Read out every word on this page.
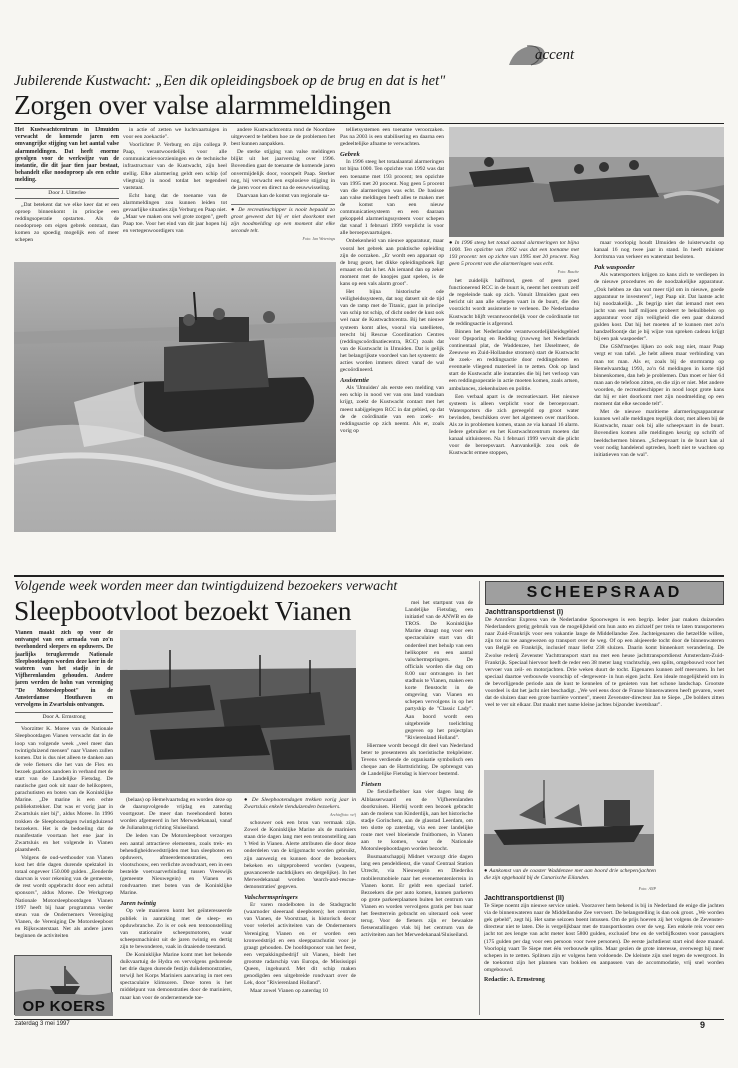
accent
Jubilerende Kustwacht: „Een dik opleidingsboek op de brug en dat is het"
Zorgen over valse alarmmeldingen
Het Kustwachtcentrum in IJmuiden verwacht de komende jaren een omvangrijke stijging van het aantal valse alarmmeldingen. Dat heeft enorme gevolgen voor de werkwijze van de instantie, die dit jaar tien jaar bestaat, behandelt elke noodoproep als een echte melding.
Door J. Uitterlee

„Dat betekent dat we elke keer dat er een oproep binnenkomt in principe een reddingsoperatie opstarten. Als de noodoproep om eigen gebrek ontstaat, dan komen zo spoedig mogelijk een of meer schepen

in actie of zetten we luchtvaartuigen in voor een zoekactie".

Voorlichter P. Verburg en zijn collega P. Paap, verantwoordelijk voor alle communicatievoorzieningen en de technische infrastructuur van de Kustwacht, zijn heel stellig. Elke alarmering geldt een schip (of vliegtuig) in nood totdat het tegendeel vaststaat.

Echt bang dat de toename van de alarmmeldingen zou kunnen leiden tot gevaarlijke situaties zijn Verburg en Paap niet. „Maar we maken ons wel grote zorgen", geeft Paap toe. Voor het eind van dit jaar hopen hij en vertegenwoordigers van

andere Kustwachtcentra rond de Noordzee uitgevoerd te hebben hoe ze de problemen het best kunnen aanpakken.

De sterke stijging van valse meldingen blijkt uit het jaarverslag over 1996. Bovendien gaat de toename de komende jaren onvermijdelijk door, voorspelt Paap. Sterker nog, hij verwacht een explosieve stijging in de jaren voor en direct na de eeuwwisseling.

Daarvaan kan de komst van regionale sa-

● De recreatieschipper is nooit bepaald zo groot geweest dat hij er niet doorkomt met zijn noodmelding op een moment dat elke seconde telt.
Foto: Jan Weterings

tellietsystemen een toename veroorzaken. Pas na 2003 is een stabilisering en daarna een gedeeltelijke afname te verwachten.

Gebrek

In 1996 steeg het totaalaantal alarmeringen tot bijna 1000. Ten opzichte van 1992 was dat een toename met 193 procent; ten opzichte van 1995 met 20 procent. Nog geen 5 procent van die alarmeringen was echt. De basisoe aan valse meldingen heeft alles te maken met de komst van een nieuw communicatiesysteem en een daaraan gekoppeld alarmeringssysteem voor schepen dat vanaf 1 februari 1999 verplicht is voor alle beroepsvaartuigen.

Onbekenheid van nieuwe apparatuur, maar vooral het gebrek aan praktische opleiding zijn de oorzaken. „Er wordt een apparaat op de brug gezet, het dikke opleidingsboek ligt ernaast en dat is het. Als iemand dan op zeker moment met de knopjes gaat spelen, is de kans op een vals alarm groot".

Het bijna historische ode veiligheidssysteem, dat nog datsert uit de tijd van de ramp met de Titanic, gaat in principe van schip tot schip, of dicht onder de kust ook wel naar de Kustwachtcentra. Bij het nieuwe systeem komt alles, vooral via satellieten, terecht bij Rescue Coordination Centres (reddingscoördinatiecentra, RCC) zoals dat van de Kustwacht in IJmuiden. Dat is gelijk het belangrijkste voordeel van het systeem: de acties worden immers direct vanaf de wal gecoördineerd.

Assistentie

Als 'IJmuiden' als eerste een melding van een schip in nood ver van ons land vandaan krijgt, zoekt de Kustwacht contact met het meest nabijgelegen RCC in dat gebied, op dat de de coördinatie van een zoek- en reddingsactie op zich neemt. Als er, zoals vorig op

● In 1996 steeg het totaal aantal alarmeringen tot bijna 1000. Ten opzichte van 1992 was dat een toename met 193 procent: ten op zichte van 1995 met 20 procent. Nog geen 5 procent van die alarmeringen was echt.
Foto: Busche

het zuidelijk halfrond, geen of geen goed functionerend RCC in de buurt is, neemt het centrum zelf de regeleinde taak op zich. Vanuit IJmuiden gaat een bericht uit aan alle schepen vaart in de buurt, die den voorzicht wordt assistentie te verlenen. De Nederlandse Kustwacht blijft verantwoordelijk voor de coördinatie tot de reddingsactie is afgerond.

Binnen het Nederlandse verantwoordelijkheidsgebied voor Opsporing en Redding (ruwweg het Nederlands continentaal plat, de Waddenzee, het IJsselmeer, de Zeeuwse en Zuid-Hollandse stromen) start de Kustwacht de zoek- en reddingsactie door reddingsboten en eventuele vliegend materieel in te zetten. Ook op land start de Kustwacht alle instanties die bij het verloop van een reddingsoperatie in actie moeten komen, zoals artsen, ambulances, ziekenhuizen en politie.

Een verbaal apart is de recreatievaart. Het nieuwe systeem is alleen verplicht voor de beroepsvaart. Watersporters die zich gereegeld op groot water bevinden, beschikken over het algemeen over marifoon. Als ze in problemen komen, staan ze via kanaal 16 alarm. Iedere gebruiker en het Kustwachtcentrum moeten dat kanaal uitluisteren. Na 1 februari 1999 vervalt die plicht voor de beroepsvaart. Aanvankelijk zou ook de Kustwacht ermee stoppen,

maar voorlopig houdt IJmuiden de luisterwacht op kanaal 16 nog twee jaar in stand. In heeft minister Jorritsma van verkeer en waterstaat besloten.

Pak waspoeder

Als watersporters krijgen zo kans zich te verdiepen in de nieuwe procedures en de noodzakelijke apparatuur. „Ook hebben ze dan wat meer tijd om in nieuwe, goede apparatuur te investeren", legt Paap uit. Dat laatste acht hij noodzakelijk. „Ik begrijp niet dat iemand met een jacht van een half miljoen probeert te bekuibbelen op apparatuur voor zijn veiligheid die een paar duizend gulden kost. Dat hij het moeten af te kunnen met zo'n handzelfoontje dat je bij wijze van spreken cadeau krijgt bij een pak waspoeder".

Die GSM'metjes lijken zo ook nog niet, maar Paap vergt er van tafel. „Je hebt alleen maar verbinding van man tot man. Als er, zoals bij de stormramp op Hemelvaartdag 1993, zo'n 64 meldingen in korte tijd binnenkomen, dan heb je problemen. Dan moet er hier 64 man aan de telefoon zitten, en die zijn er niet. Met andere woorden, de recreatieschipper in nood loopt grote kans dat hij er niet doorkomt met zijn noodmelding op een moment dat elke seconde telt".

Met de nieuwe maritieme alarmeringsapparatuur kunnen wel alle meldingen tegelijk door, met alleen bij de Kustwacht, maar ook bij alle scheepvaart in de buurt. Bovendien komen alle meldingen keurig op schrift of beeldschermen binnen. „Scheepvaart in de buurt kan al voor nodig handelend optreden, hoeft niet te wachten op initiatieven van de wal".

Volgende week worden meer dan twintigduizend bezoekers verwacht
Sleepbootvloot bezoekt Vianen
Vianen maakt zich op voor de ontvangst van een armada van zo'n tweehonderd sleepers en opduwers. De jaarlijks terugkerende Nationale Sleepbootdagen worden deze keer in de wateren van het stadje in de Vijfherenlanden gehouden. Andere jaren werden de hohn van vereniging "De Motorsleepboot" in de Amsterdamse Houthaven en vervolgens in Zwartsluis ontvangen.
Door A. Ermstrong

Voorzitter K. Moree van de Nationale Sleepbootdagen Vianen verwacht dat in de loop van volgende week „veel meer dan twintigduizend mensen" naar Vianen zullen komen. Dat is dus niet alleen te danken aan de vele fietsers die het van de Flex en bezoek gaatloos aandoen in verband met de start van de Landelijke Fietsdag. De nautische gast ook uit naar de helikopters, parachutisten en boten van de Koninklijke Marine. „De marine is een echte publiekstrekker. Dat was er vorig jaar in Zwartsluis niet bij", aldus Moree. In 1996 trokken de Sleepbootdagen twintigduizend bezoekers. Het is de bedoeling dat de manifestatie voortaan het ene jaar in Zwartsluis en het volgende in Vianen plaatsheeft.

Volgens de oud-wethouder van Vianen kost het drie dagen durende spektakel in totaal ongeveer 150.000 gulden. „Eenderde daarvan is voor rekening van de gemeente, de rest wordt opgebracht door een achttal sponsors", aldus Moree. De Werkgroep Nationale Motorsleepbootdagen Vianen 1997 heeft bij haar programma verder steun van de Ondernemers Vereniging Vianen, de Vereniging De Motorsleepboot en Rijkswaterstaat. Net als andere jaren beginnen de activiteiten

OP KOERS

(belaas) op Hemelvaartsdag en worden deze op de daaropvolgende vrijdag en zaterdag voortgezet. De meer dan tweehonderd boten worden afgemeerd in het Merwedekanaal, vanaf de Julianabrug richting Sluiseiland.

De leden van De Motorsleepboot verzorgen een aantal attractieve elementen, zoals trek- en behendigheidswedstrijden met hun sleepboten en opduwers, afmeerdemonstraties, een vlootschouw, een verlichte avondvaart, een in een bestelde voetvaarverbinding tussen Vreeswijk (gemeente Nieuwegein) en Vianen en rondvaarten met boten van de Koninklijke Marine.

Jaren twintig

Op vele manieren komt het geïnteresseerde publiek in aanraking met de sleep- en opduwbranche. Zo is er ook een tentoonstelling van stationaire scheepsmotoren, waar scheepsmachinist uit de jaren twintig en dertig zijn te bewonderen, vaak in draaiende toestand.

De Koninklijke Marine komt met het bekende duikvaartuig de Hydra en vervolgens gedurende het drie dagen durende festijn duikdemonstraties, terwijl het Korps Mariniers aanvaring in met een spectaculaire klimsoren. Deze toren is het middelpunt van demonstraties door de mariniers, maar kan voor de ondernemende toe-

● De Sleepbootendagen trekken vorig jaar in Zwartsluis enkele tienduizenden bezoekers.
Archieffoto: ve/f

schouwer ook een bron van vermaak zijn. Zowel de Koninklijke Marine als de mariniers staan drie dagen lang met een tentoonstelling aan 't Wed in Vianen. Alerte attributen die door deze onderdelen van de krijgsmacht worden gebruikt, zijn aanwezig en kunnen door de bezoekers bekeken en uitgeprobeerd worden (wapens, geavanceerde nachtkijkers en dergelijke). In het Merwedekanaal worden 'search-and-rescue-demonstraties' gegeven.

Valschermspringers

Er varen modelboten in de Stadsgracht (waarnoder sleeeraad sleepboten); het centrum van Vianen, de Voorstraat, is historisch decor voor velerlei activiteiten van de Ondernemers Vereniging Vianen en er worden een kronwedstrijd en een sleepparachutist voor je graagt gehouden. De hoofdsponsor van het feest, een verpakkingsbedrijf uit Vianen, biedt het grootste radarschip van Europa, de Mississippi Queen, ingehuurd. Met dit schip maken genodigden een uitgebreide rondvaart over de Lek, door "Rivierenland Holland".

Maar zowel Vianen op zaterdag 10

mei het startpunt van de Landelijke Fietsdag, een initiatief van de ANWB en de TROS. De Koninklijke Marine draagt nog voor een spectaculaire start van dit onderdeel met behulp van een helikopter en een aantal valschermspringers. De officials worden die dag om 8.00 uur ontvangen in het stadhuis te Vianen, maken een korte flenstocht in de omgeving van Vianen en schepen vervolgens in op het partyship de "Classic Lady". Aan boord wordt een uitgebreide toelichting gegeven op het projectplan "Rivierenland Holland".

Hiermee wordt beoogd dit deel van Nederland beter te presenteren als toeristische trekpleister. Tevens verdiende de organisatie symbolisch een cheque aan de Harttstichting. De opbrengst van de Landelijke Fietsdag is hiervoor bestemd.

Fietsen

De fietsliefhebber kan vier dagen lang de Alblasserwaard en de Vijfherenlanden doorkruisen. Hierbij wordt een bezoek gebracht aan de molens van Kinderdijk, aan het historische stadje Gorinchem, aan de glasstad Leerdam, om ten slotte op zaterdag, via een zeer landelijke route met veel bloeiende fruitbomen, in Vianen aan te komen, waar de Nationale Motorsleepbootdagen worden bezocht.

Busmaatschappij Midnet verzorgt drie dagen lang een pendeldienst, die vanaf Centraal Station Utrecht, via Nieuwegein en Diederiks mobilersmobiele naar het evenementenlerrein in Vianen komt. Er geldt een speciaal tarief. Bezoekers die per auto komen, kunnen parkeren op grote parkeerplaatsen buiten het centrum van Vianen en worden vervolgens gratis per bus naar het feestterrein gebracht en uiteraard ook weer terug. Voor de fietsers zijn er bewaakte fietsenstallingen vlak bij het centrum van de activiteiten aan het Merwedekanaal/Sluiseiland.

SCHEEPSRAAD
Jachttransportdienst (I)

De AmroStar Express van de Nederlandse Spoorwegen is een begrip. Ieder jaar maken duizenden Nederlanders gretig gebruik van de mogelijkheid om hun auto en zichzelf per trein te laten transporteren naar Zuid-Frankrijk voor een vakantie lange de Middellandse Zee. Jachteigenaren die hetzelfde willen, zijn tot nu toe aangewezen op transport over de weg. Of op een alsjeeerde tocht door de binnenwateren van België en Frankrijk, inclusief maar liefst 238 sluizen. Daarin komt binnenkort verandering. De Zwolse rederij Zevenster Yachttransport start nu met een heuse jachttransportdienst Amsterdam-Zuid-Frankrijk. Speciaal hiervoor heeft de reder een 38 meter lang vrachtschip, een splits, omgebouwd voor het vervoer van zeil- en motorjachten. Drie weken duurt de tocht. Eigenaren kunnen zelf meevaren. In het speciaal daartoe verbouwde voorschip of -dergewent- in hun eigen jacht. Een ideale mogelijkheid om in de bevorlijgende periode aan de kust te kennelen of te genieten van het schone landschap. Grootste voordeel is dat het jacht niet beschadigt. „We wel eens door de Franse binnenwateren heeft gevaren, weet dat de sluizen daar een grote barrière vormen", meent Zevenster-directeur Jan te Siepe. „De bolders zitten veel te ver uit elkaar. Dat maakt met name kleine jachtes bijzonder kwetsbaar".

● Aankomst van de coaster Waddenzee met aan boord drie schepen/jachten die zijn opgehaald bij de Canarische Eilanden.
Foto: ANP
Jachttransportdienst (II)

Te Siepe noemt zijn nieuwe service uniek. Voorzover hem bekend is bij in Nederland de enige die jachten via de binnenwateren naar de Middellandse Zee vervoert. De belangstelling is dan ook groot. „We worden gek gebeld", zegt hij. Het same seizoen boent intussen. Om de prijs hoeven zij het volgens de Zevenster-directeur niet te laten. Die is vergelijkbaar met de transportkosten over de weg. Een enkele reis voor een jacht tot zes lengte van acht meter kost 5800 gulden, exclusief btw en de verblijfkosten voor passagiers (175 gulden per dag voor een persoon voor twee personen). De eerste jachtdienst start eind deze maand. Voorlopig vaart Te Siepe met één verbouwde splits. Maar gezien de grote interesse, overweegt hij meer schepen in te zetten. Splitsen zijn er volgens hem voldoende. De kleinste zijn snel tegen de weergroot. In de toekomst zijn het plannen van bokken en aanpassen van de accommodatie, vrij snel worden omgebouwd.

Redactie: A. Ermstrong
zaterdag 3 mei 1997	9
